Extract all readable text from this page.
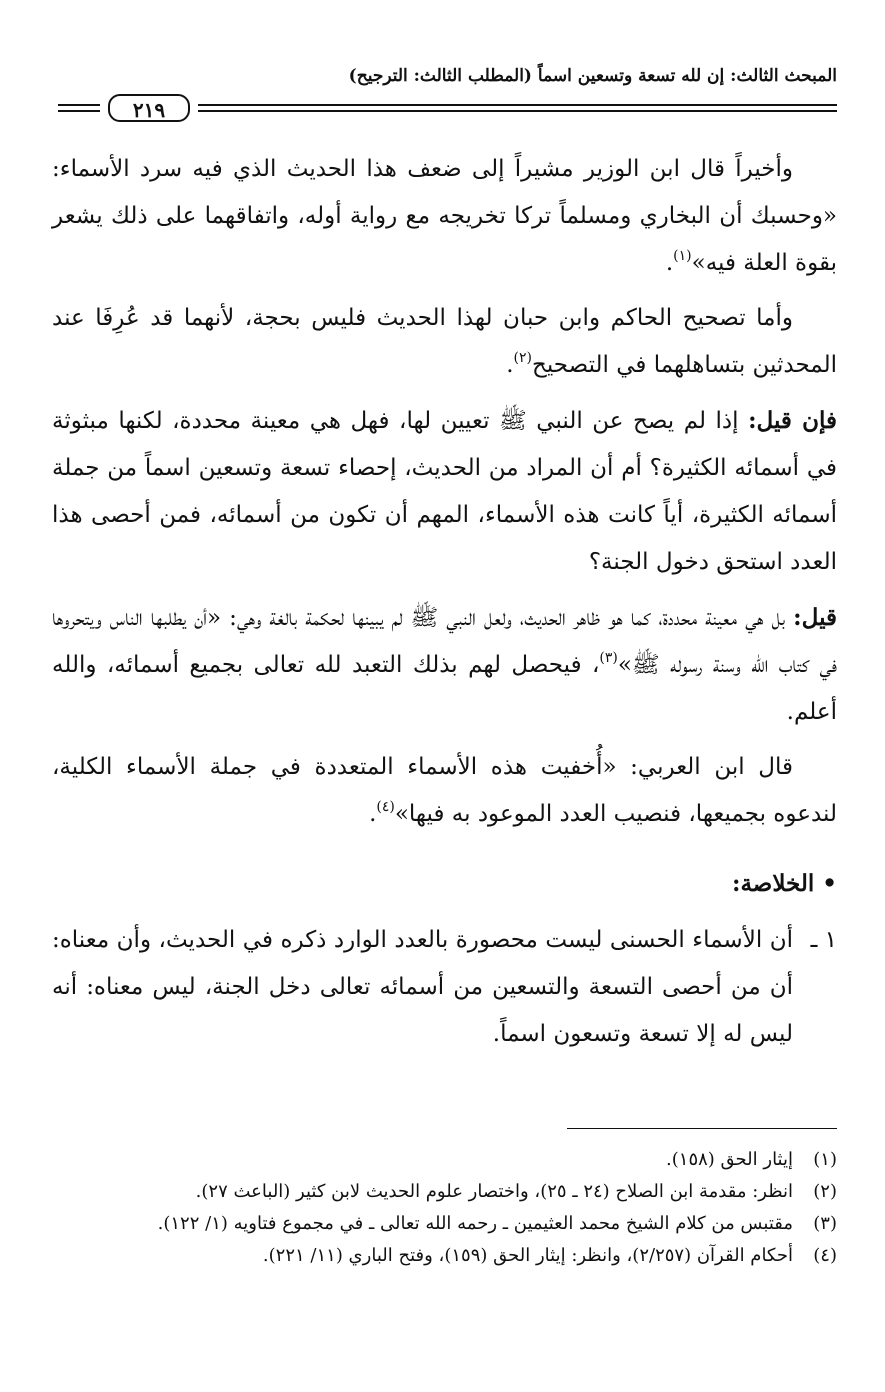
المبحث الثالث: إن لله تسعة وتسعين اسماً (المطلب الثالث: الترجيح)
٢١٩

وأخيراً قال ابن الوزير مشيراً إلى ضعف هذا الحديث الذي فيه سرد الأسماء: «وحسبك أن البخاري ومسلماً تركا تخريجه مع رواية أوله، واتفاقهما على ذلك يشعر بقوة العلة فيه»$^{(١)}$.

وأما تصحيح الحاكم وابن حبان لهذا الحديث فليس بحجة، لأنهما قد عُرِفَا عند المحدثين بتساهلهما في التصحيح$^{(٢)}$.

فإن قيل: إذا لم يصح عن النبي ﷺ تعيين لها، فهل هي معينة محددة، لكنها مبثوثة في أسمائه الكثيرة؟ أم أن المراد من الحديث، إحصاء تسعة وتسعين اسماً من جملة أسمائه الكثيرة، أياً كانت هذه الأسماء، المهم أن تكون من أسمائه، فمن أحصى هذا العدد استحق دخول الجنة؟

قيل: بل هي معينة محددة، كما هو ظاهر الحديث، ولعل النبي ﷺ لم يبينها لحكمة بالغة وهي: «أن يطلبها الناس ويتحروها في كتاب الله وسنة رسوله ﷺ»$^{(٣)}$، فيحصل لهم بذلك التعبد لله تعالى بجميع أسمائه، والله أعلم.

قال ابن العربي: «أُخفيت هذه الأسماء المتعددة في جملة الأسماء الكلية، لندعوه بجميعها، فنصيب العدد الموعود به فيها»$^{(٤)}$.

• الخلاصة:
١ ـ
أن الأسماء الحسنى ليست محصورة بالعدد الوارد ذكره في الحديث، وأن معناه: أن من أحصى التسعة والتسعين من أسمائه تعالى دخل الجنة، ليس معناه: أنه ليس له إلا تسعة وتسعون اسماً.
(١)
إيثار الحق (١٥٨).
(٢)
انظر: مقدمة ابن الصلاح (٢٤ ـ ٢٥)، واختصار علوم الحديث لابن كثير (الباعث ٢٧).
(٣)
مقتبس من كلام الشيخ محمد العثيمين ـ رحمه الله تعالى ـ في مجموع فتاويه (١/ ١٢٢).
(٤)
أحكام القرآن (٢/٢٥٧)، وانظر: إيثار الحق (١٥٩)، وفتح الباري (١١/ ٢٢١).
